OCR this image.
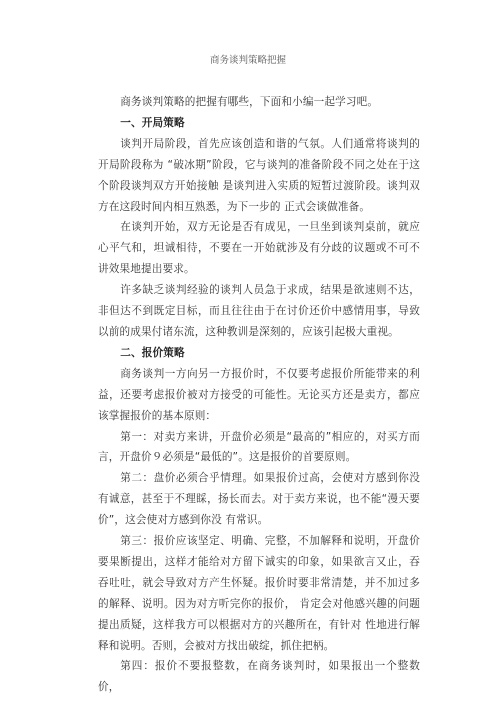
商务谈判策略把握

商务谈判策略的把握有哪些，下面和小编一起学习吧。

一、开局策略

谈判开局阶段，首先应该创造和谐的气氛。人们通常将谈判的开局阶段称为 “破冰期”阶段，它与谈判的准备阶段不同之处在于这个阶段谈判双方开始接触 是谈判进入实质的短暂过渡阶段。谈判双方在这段时间内相互熟悉，为下一步的 正式会谈做准备。

在谈判开始，双方无论是否有成见，一旦坐到谈判桌前，就应心平气和，坦诚相待，不要在一开始就涉及有分歧的议题或不可不讲效果地提出要求。

许多缺乏谈判经验的谈判人员急于求成，结果是欲速则不达，非但达不到既定目标，而且往往由于在讨价还价中感情用事，导致以前的成果付诸东流，这种教训是深刻的，应该引起极大重视。

二、报价策略

商务谈判一方向另一方报价时，不仅要考虑报价所能带来的利益，还要考虑报价被对方接受的可能性。无论买方还是卖方，都应该掌握报价的基本原则：

第一：对卖方来讲，开盘价必须是“最高的”相应的，对买方而言，开盘价９必须是“最低的”。这是报价的首要原则。

第二：盘价必须合乎情理。如果报价过高，会使对方感到你没有诚意，甚至于不理睬，扬长而去。对于卖方来说，也不能“漫天要价”，这会使对方感到你没 有常识。

第三：报价应该坚定、明确、完整，不加解释和说明，开盘价要果断提出，这样才能给对方留下诚实的印象，如果欲言又止，吞吞吐吐，就会导致对方产生怀疑。报价时要非常清楚，并不加过多的解释、说明。因为对方听完你的报价， 肯定会对他感兴趣的问题提出质疑，这样我方可以根据对方的兴趣所在，有针对 性地进行解释和说明。否则，会被对方找出破绽，抓住把柄。

第四：报价不要报整数，在商务谈判时，如果报出一个整数价，
